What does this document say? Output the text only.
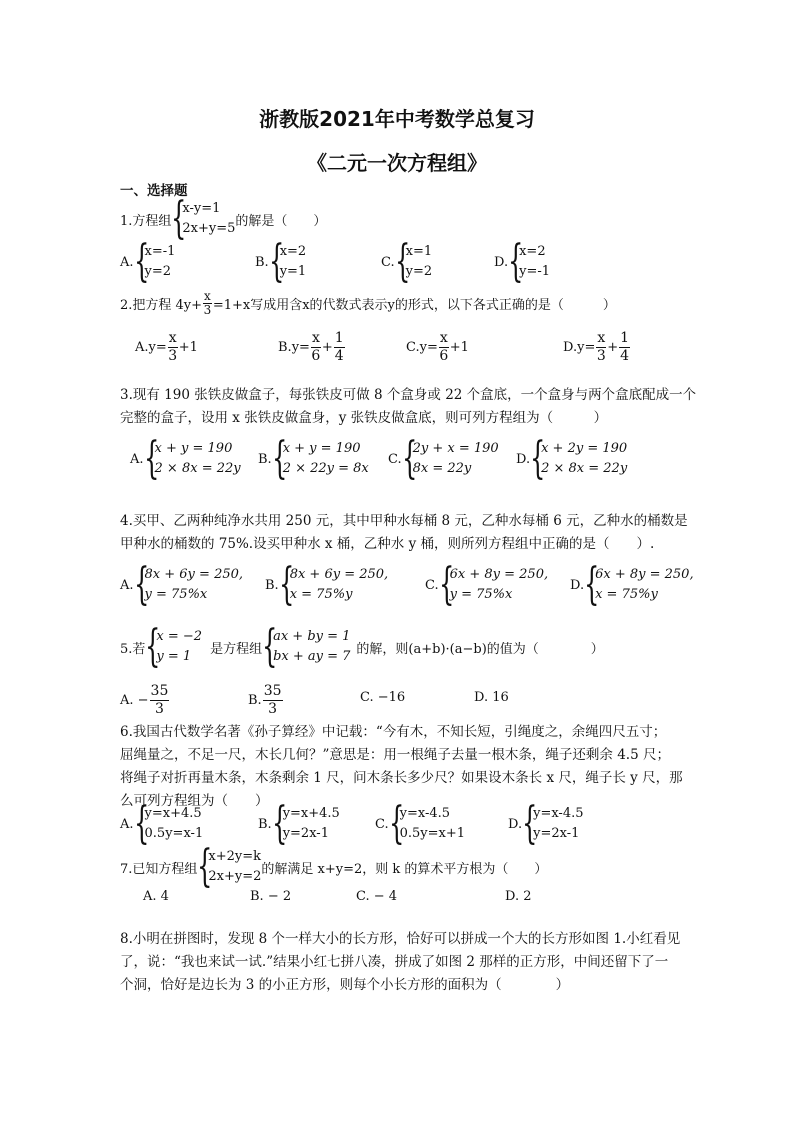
浙教版2021年中考数学总复习
《二元一次方程组》
一、选择题
1.方程组 {
x-y=1
2x+y=5 的解是（　　）
A. {
x=-1
y=2
B. {
x=2
y=1
C. {
x=1
y=2
D. {
x=2
y=-1
2.把方程 $4y+ \frac{x}{3} =1+x$写成用含x的代数式表示y的形式，以下各式正确的是（　　　）
A. $y= \frac{x}{3} +1$	B. $y= \frac{x}{6} + \frac{1}{4}$	C. $y= \frac{x}{6} +1$	D. $y= \frac{x}{3} + \frac{1}{4}$
3.现有 190 张铁皮做盒子，每张铁皮可做 8 个盒身或 22 个盒底，一个盒身与两个盒底配成一个
完整的盒子，设用 x 张铁皮做盒身，y 张铁皮做盒底，则可列方程组为（　　　）
A. {
x + y = 190
2 × 8x = 22y
B. {
x + y = 190
2 × 22y = 8x
C. {
2y + x = 190
8x = 22y
D. {
x + 2y = 190
2 × 8x = 22y
4.买甲、乙两种纯净水共用 250 元，其中甲种水每桶 8 元，乙种水每桶 6 元，乙种水的桶数是
甲种水的桶数的 75%.设买甲种水 x 桶，乙种水 y 桶，则所列方程组中正确的是（　　）.
A. {
8x + 6y = 250,
y = 75%x
B. {
8x + 6y = 250,
x = 75%y
C. {
6x + 8y = 250,
y = 75%x
D. {
6x + 8y = 250,
x = 75%y
5.若 {
x = −2
y = 1	是方程组 {
ax + by = 1
bx + ay = 7 的解，则(a+b)·(a−b)的值为（　　　　）
A. − $\frac{35}{3}$	B. $\frac{35}{3}$	C. −16	D. 16
6.我国古代数学名著《孙子算经》中记载：“今有木，不知长短，引绳度之，余绳四尺五寸；
屈绳量之，不足一尺，木长几何？”意思是：用一根绳子去量一根木条，绳子还剩余 4.5 尺；
将绳子对折再量木条，木条剩余 1 尺，问木条长多少尺？如果设木条长 x 尺，绳子长 y 尺，那
么可列方程组为（　　）
A. {
y=x+4.5
0.5y=x-1
B. {
y=x+4.5
y=2x-1
C. {
y=x-4.5
0.5y=x+1
D. {
y=x-4.5
y=2x-1
7.已知方程组 {
x+2y=k
2x+y=2 的解满足 x+y=2，则 k 的算术平方根为（　　）
A. 4	B. − 2	C. − 4	D. 2
8.小明在拼图时，发现 8 个一样大小的长方形，恰好可以拼成一个大的长方形如图 1.小红看见
了，说：“我也来试一试.”结果小红七拼八凑，拼成了如图 2 那样的正方形，中间还留下了一
个洞，恰好是边长为 3 的小正方形，则每个小长方形的面积为（　　　　）
